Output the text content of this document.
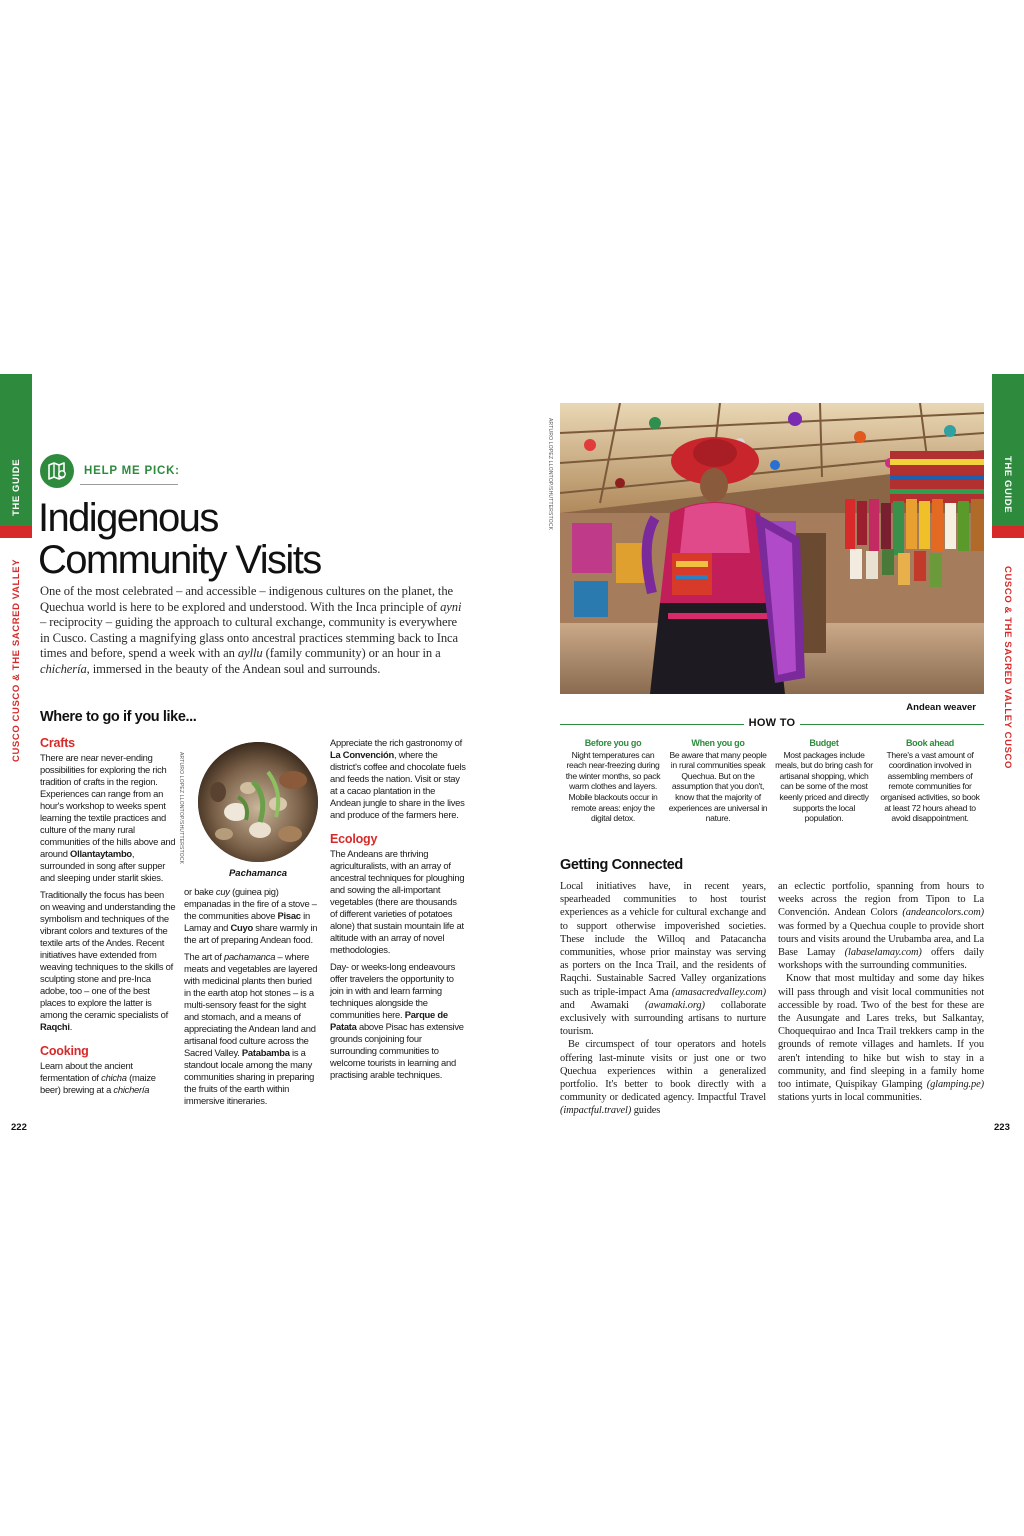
THE GUIDE
CUSCO CUSCO & THE SACRED VALLEY
THE GUIDE
CUSCO & THE SACRED VALLEY CUSCO
HELP ME PICK:
Indigenous
Community Visits
One of the most celebrated – and accessible – indigenous cultures on the planet, the Quechua world is here to be explored and understood. With the Inca principle of ayni – reciprocity – guiding the approach to cultural exchange, community is everywhere in Cusco. Casting a magnifying glass onto ancestral practices stemming back to Inca times and before, spend a week with an ayllu (family community) or an hour in a chichería, immersed in the beauty of the Andean soul and surrounds.
Where to go if you like...
Crafts

There are near never-ending possibilities for exploring the rich tradition of crafts in the region. Experiences can range from an hour's workshop to weeks spent learning the textile practices and culture of the many rural communities of the hills above and around Ollantaytambo, surrounded in song after supper and sleeping under starlit skies.

Traditionally the focus has been on weaving and understanding the symbolism and techniques of the vibrant colors and textures of the textile arts of the Andes. Recent initiatives have extended from weaving techniques to the skills of sculpting stone and pre-Inca adobe, too – one of the best places to explore the latter is among the ceramic specialists of Raqchi.

Cooking

Learn about the ancient fermentation of chicha (maize beer) brewing at a chichería

ARTURO LOPEZ LLONTOP/SHUTTERSTOCK
Pachamanca

or bake cuy (guinea pig) empanadas in the fire of a stove – the communities above Pisac in Lamay and Cuyo share warmly in the art of preparing Andean food.

The art of pachamanca – where meats and vegetables are layered with medicinal plants then buried in the earth atop hot stones – is a multi-sensory feast for the sight and stomach, and a means of appreciating the Andean land and artisanal food culture across the Sacred Valley. Patabamba is a standout locale among the many communities sharing in preparing the fruits of the earth within immersive itineraries.

Appreciate the rich gastronomy of La Convención, where the district's coffee and chocolate fuels and feeds the nation. Visit or stay at a cacao plantation in the Andean jungle to share in the lives and produce of the farmers here.

Ecology

The Andeans are thriving agriculturalists, with an array of ancestral techniques for ploughing and sowing the all-important vegetables (there are thousands of different varieties of potatoes alone) that sustain mountain life at altitude with an array of novel methodologies.

Day- or weeks-long endeavours offer travelers the opportunity to join in with and learn farming techniques alongside the communities here. Parque de Patata above Pisac has extensive grounds conjoining four surrounding communities to welcome tourists in learning and practising arable techniques.

222	223
ARTURO LOPEZ LLONTOP/SHUTTERSTOCK
Andean weaver
HOW TO
Before you go
Night temperatures can reach near-freezing during the winter months, so pack warm clothes and layers. Mobile blackouts occur in remote areas: enjoy the digital detox.
When you go
Be aware that many people in rural communities speak Quechua. But on the assumption that you don't, know that the majority of experiences are universal in nature.
Budget
Most packages include meals, but do bring cash for artisanal shopping, which can be some of the most keenly priced and directly supports the local population.
Book ahead
There's a vast amount of coordination involved in assembling members of remote communities for organised activities, so book at least 72 hours ahead to avoid disappointment.
Getting Connected

Local initiatives have, in recent years, spearheaded communities to host tourist experiences as a vehicle for cultural exchange and to support otherwise impoverished societies. These include the Willoq and Patacancha communities, whose prior mainstay was serving as porters on the Inca Trail, and the residents of Raqchi. Sustainable Sacred Valley organizations such as triple-impact Ama (amasacredvalley.com) and Awamaki (awamaki.org) collaborate exclusively with surrounding artisans to nurture tourism.

Be circumspect of tour operators and hotels offering last-minute visits or just one or two Quechua experiences within a generalized portfolio. It's better to book directly with a community or dedicated agency. Impactful Travel (impactful.travel) guides

an eclectic portfolio, spanning from hours to weeks across the region from Tipon to La Convención. Andean Colors (andeancolors.com) was formed by a Quechua couple to provide short tours and visits around the Urubamba area, and La Base Lamay (labaselamay.com) offers daily workshops with the surrounding communities.

Know that most multiday and some day hikes will pass through and visit local communities not accessible by road. Two of the best for these are the Ausungate and Lares treks, but Salkantay, Choquequirao and Inca Trail trekkers camp in the grounds of remote villages and hamlets. If you aren't intending to hike but wish to stay in a community, and find sleeping in a family home too intimate, Quispikay Glamping (glamping.pe) stations yurts in local communities.
